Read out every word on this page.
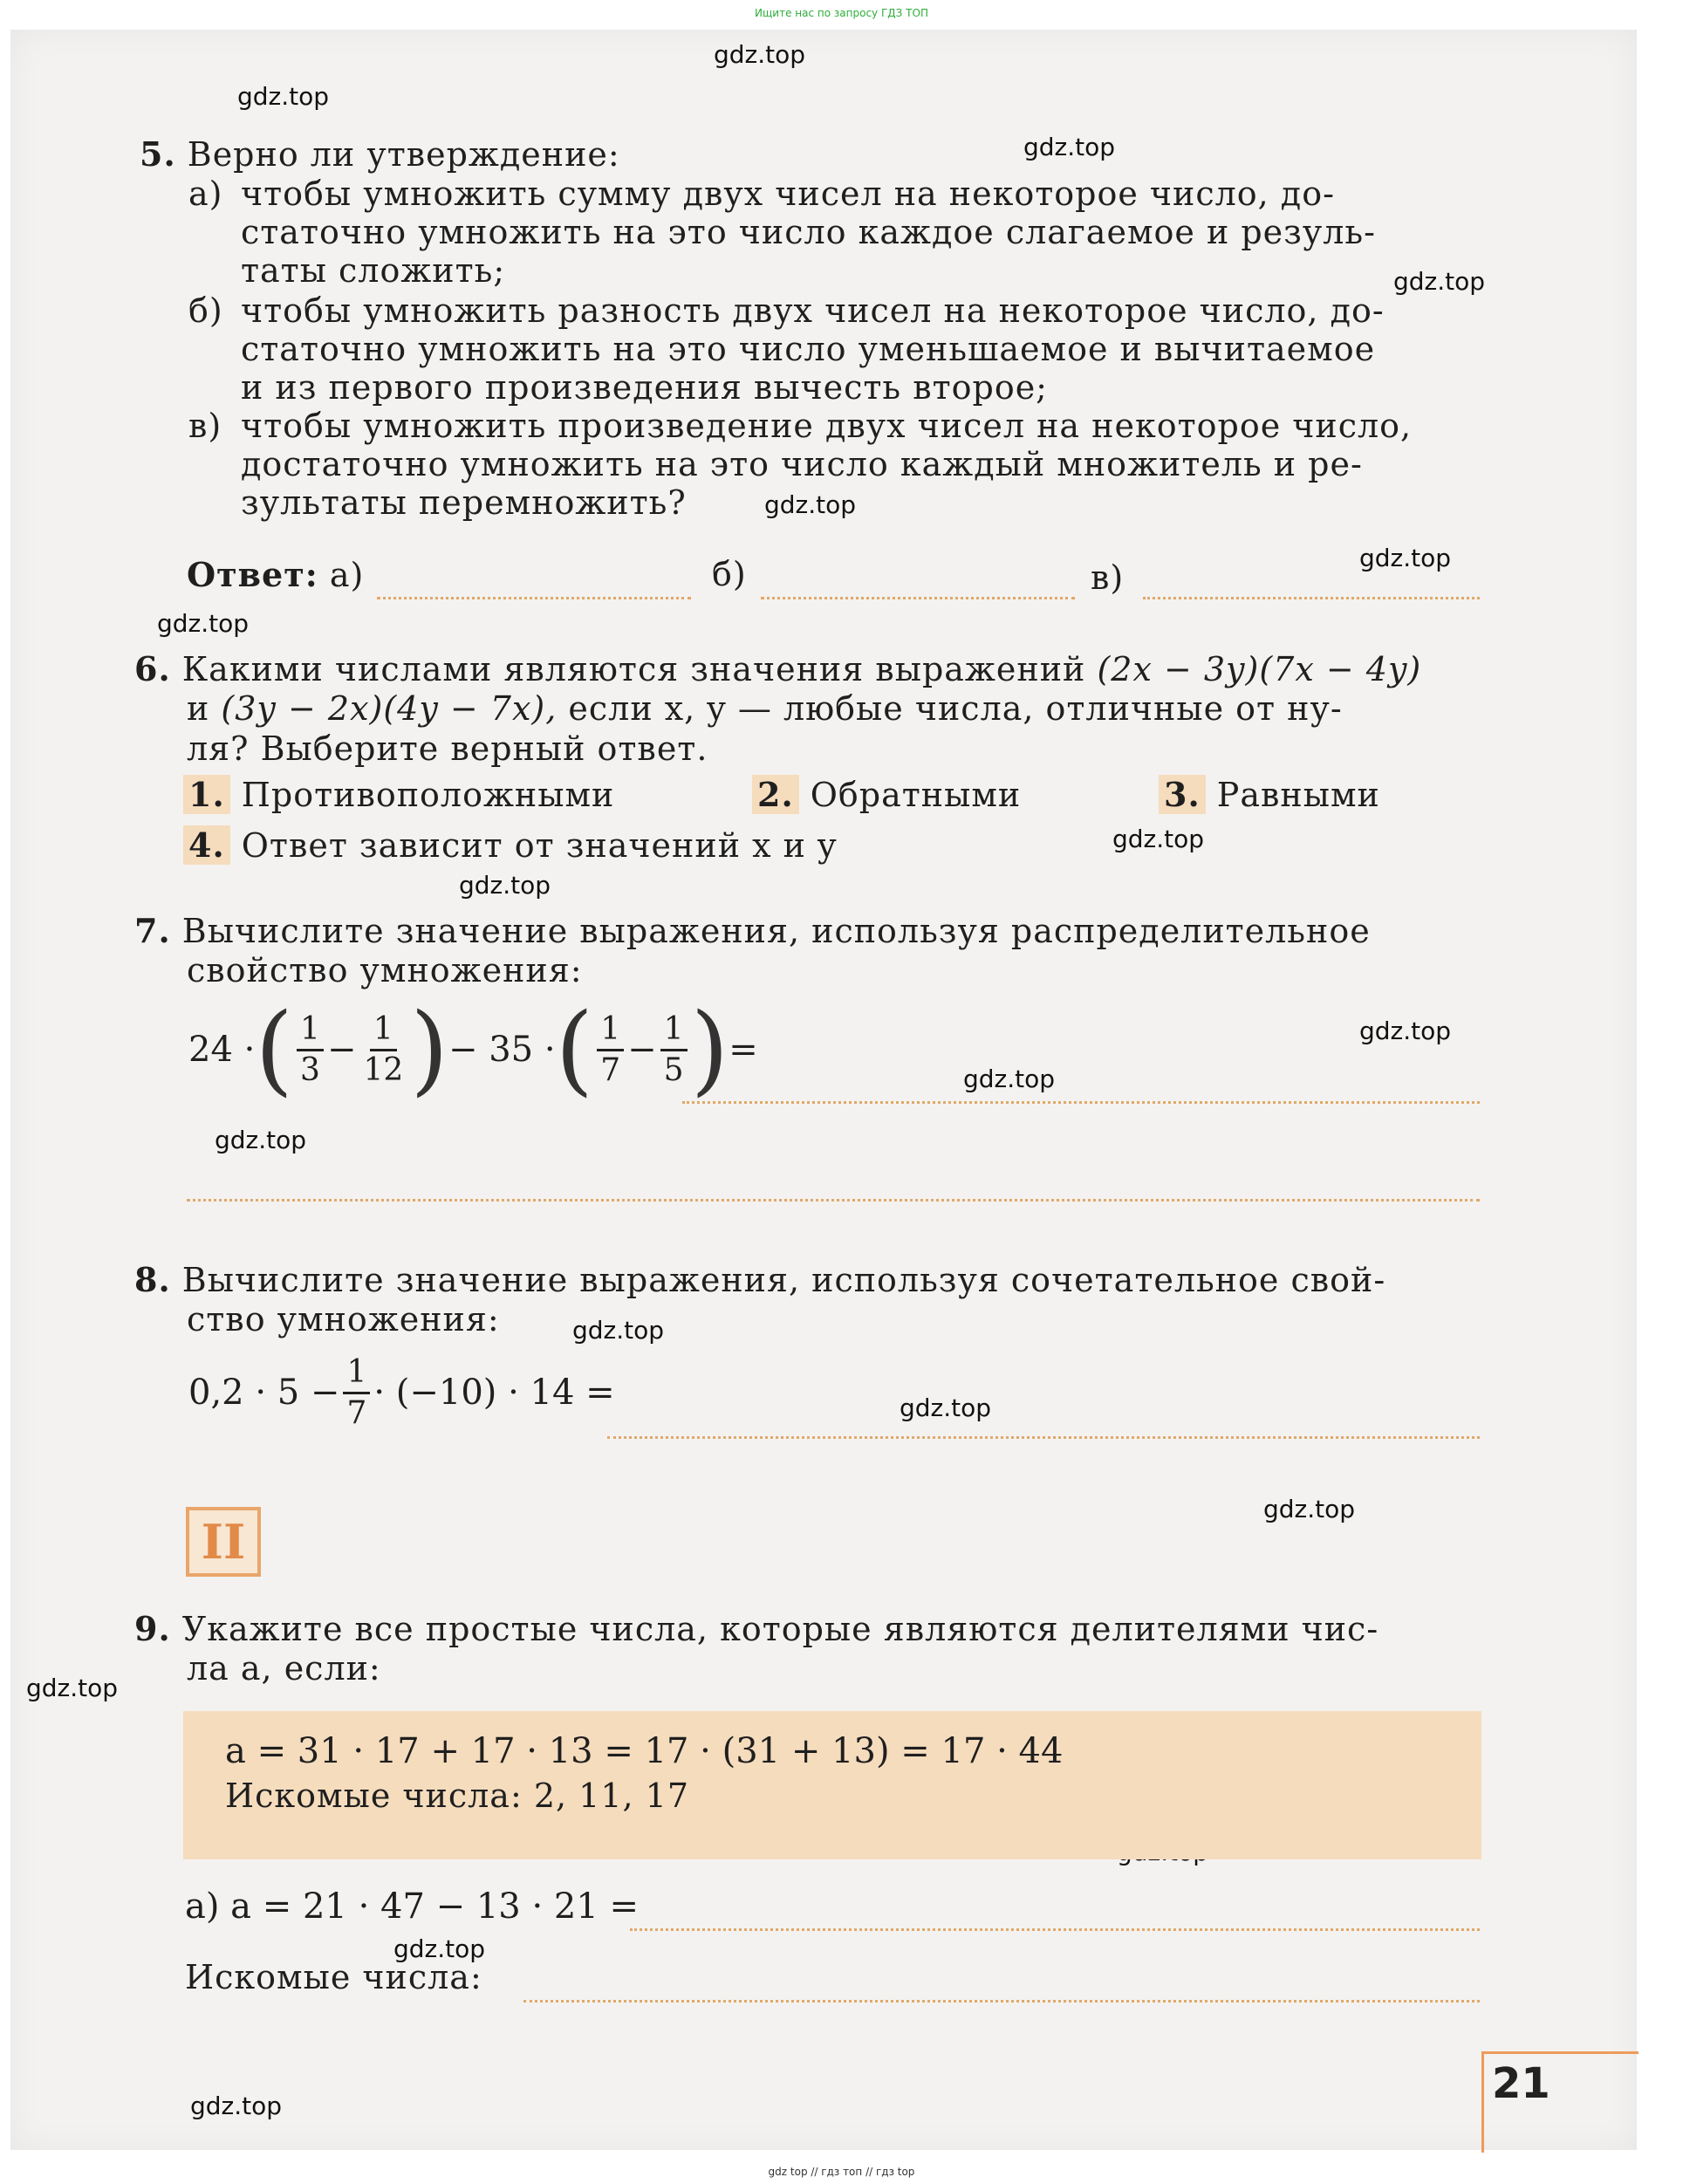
Ищите нас по запросу ГДЗ ТОП
gdz.top
gdz.top
gdz.top
gdz.top
gdz.top
gdz.top
gdz.top
gdz.top
gdz.top
gdz.top
gdz.top
gdz.top
gdz.top
gdz.top
gdz.top
gdz.top
gdz.top
gdz.top
5. Верно ли утверждение:
а) чтобы умножить сумму двух чисел на некоторое число, до-
статочно умножить на это число каждое слагаемое и резуль-
таты сложить;
б) чтобы умножить разность двух чисел на некоторое число, до-
статочно умножить на это число уменьшаемое и вычитаемое
и из первого произведения вычесть второе;
в) чтобы умножить произведение двух чисел на некоторое число,
достаточно умножить на это число каждый множитель и ре-
зультаты перемножить?
Ответ: а)	б)	в)
6. Какими числами являются значения выражений (2x − 3y)(7x − 4y)
и (3y − 2x)(4y − 7x), если x, y — любые числа, отличные от ну-
ля? Выберите верный ответ.
1. Противоположными	2. Обратными	3. Равными
4. Ответ зависит от значений x и y
7. Вычислите значение выражения, используя распределительное
свойство умножения:
24 · ( $\frac{1}{3} - \frac{1}{12}$ ) − 35 · ( $\frac{1}{7} - \frac{1}{5}$ ) =
8. Вычислите значение выражения, используя сочетательное свой-
ство умножения:
$0,2 \cdot 5 - \frac{1}{7} \cdot (-10) \cdot 14$ =
II
9. Укажите все простые числа, которые являются делителями чис-
ла a, если:
a = 31 · 17 + 17 · 13 = 17 · (31 + 13) = 17 · 44
Искомые числа: 2, 11, 17
а) a = 21 · 47 − 13 · 21 =
Искомые числа:
21
gdz top // гдз топ // гдз top
